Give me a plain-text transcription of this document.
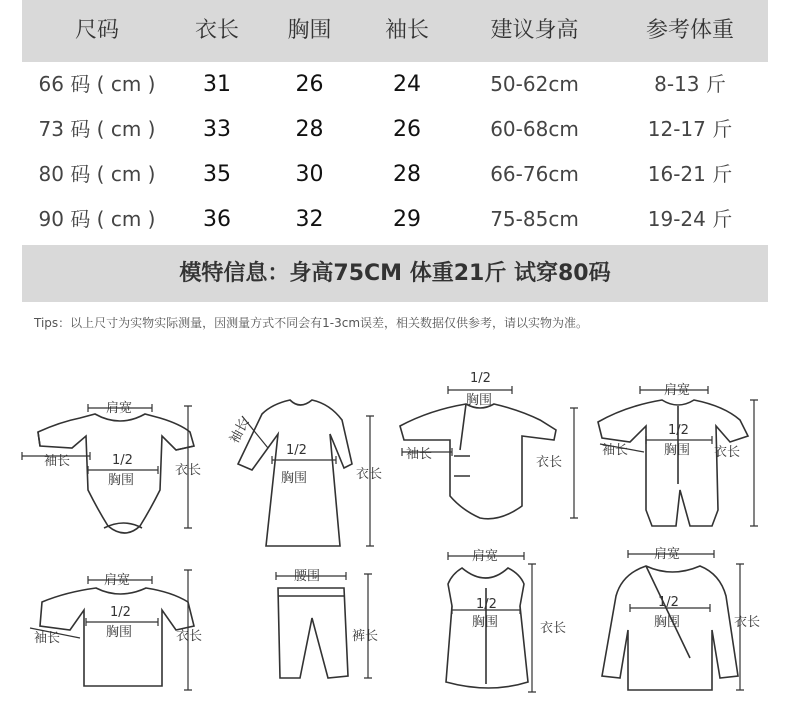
尺码	衣长	胸围	袖长	建议身高	参考体重
66 码 ( cm )	31	26	24	50-62cm	8-13 斤
73 码 ( cm )	33	28	26	60-68cm	12-17 斤
80 码 ( cm )	35	30	28	66-76cm	16-21 斤
90 码 ( cm )	36	32	29	75-85cm	19-24 斤
模特信息：身高75CM 体重21斤 试穿80码
Tips：以上尺寸为实物实际测量，因测量方式不同会有1-3cm误差，相关数据仅供参考，请以实物为准。
肩宽
1/2
胸围
袖长
衣长
1/2
胸围
袖长
衣长
1/2
胸围
袖长
衣长
肩宽
1/2
胸围
袖长	衣长
肩宽
1/2
胸围
袖长	衣长
腰围
裤长
肩宽
1/2
胸围	衣长
肩宽
1/2
胸围	衣长
